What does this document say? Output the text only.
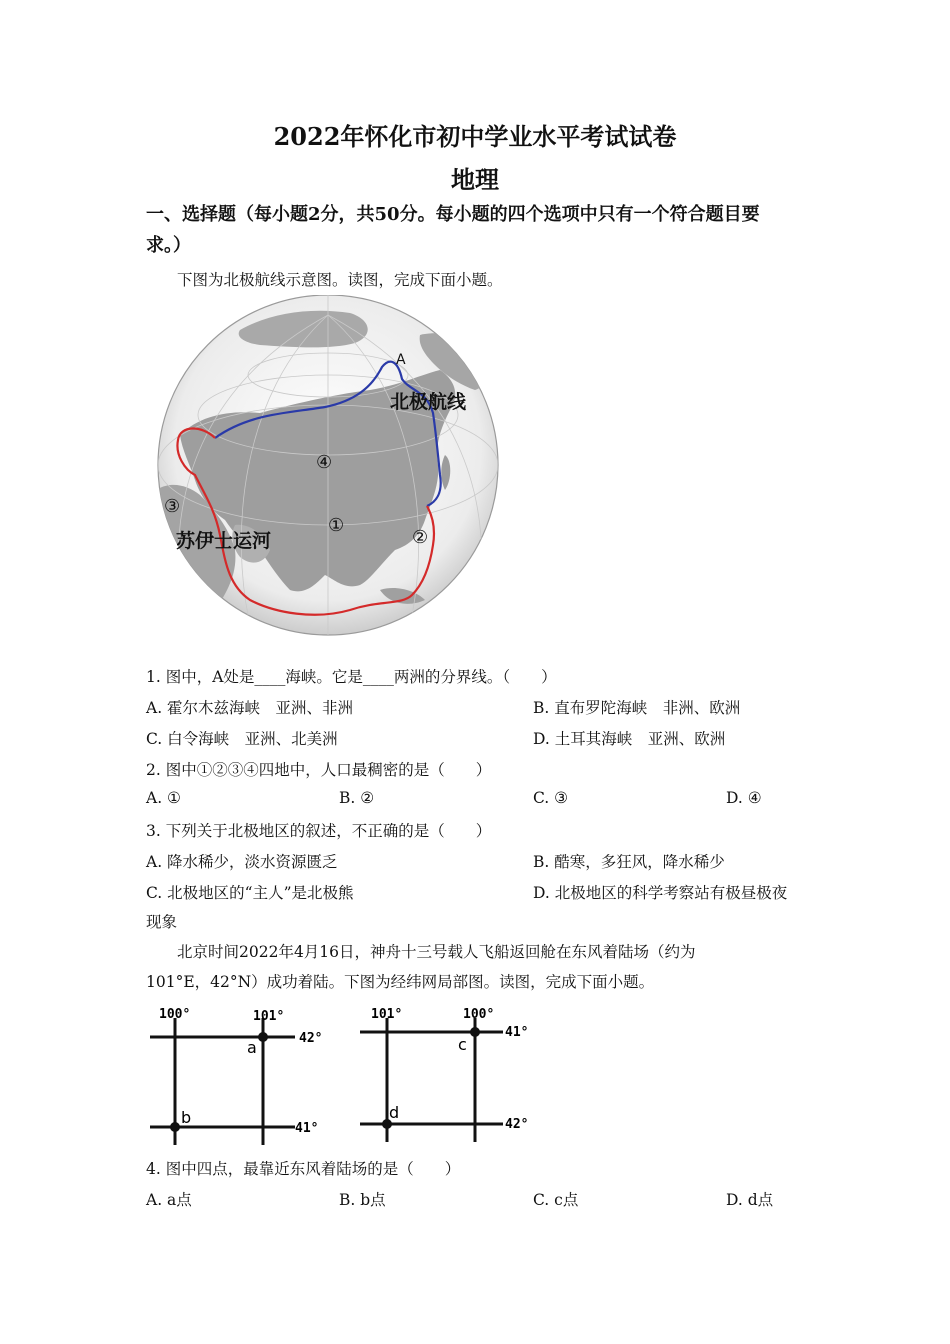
2022年怀化市初中学业水平考试试卷
地理
一、选择题（每小题2分，共50分。每小题的四个选项中只有一个符合题目要
求。）
下图为北极航线示意图。读图，完成下面小题。
A
北极航线
苏伊士运河
④
①
②
③
1. 图中，A处是____海峡。它是____两洲的分界线。（　　）
A. 霍尔木兹海峡　亚洲、非洲	B. 直布罗陀海峡　非洲、欧洲
C. 白令海峡　亚洲、北美洲	D. 土耳其海峡　亚洲、欧洲
2. 图中①②③④四地中，人口最稠密的是（　　）
A. ①	B. ②	C. ③	D. ④
3. 下列关于北极地区的叙述，不正确的是（　　）
A. 降水稀少，淡水资源匮乏	B. 酷寒，多狂风，降水稀少
C. 北极地区的“主人”是北极熊	D. 北极地区的科学考察站有极昼极夜
现象
北京时间2022年4月16日，神舟十三号载人飞船返回舱在东风着陆场（约为
101°E，42°N）成功着陆。下图为经纬网局部图。读图，完成下面小题。
100°	101°
42°
41°
a
b
101°	100°
41°
42°
c
d
4. 图中四点，最靠近东风着陆场的是（　　）
A. a点	B. b点	C. c点	D. d点
